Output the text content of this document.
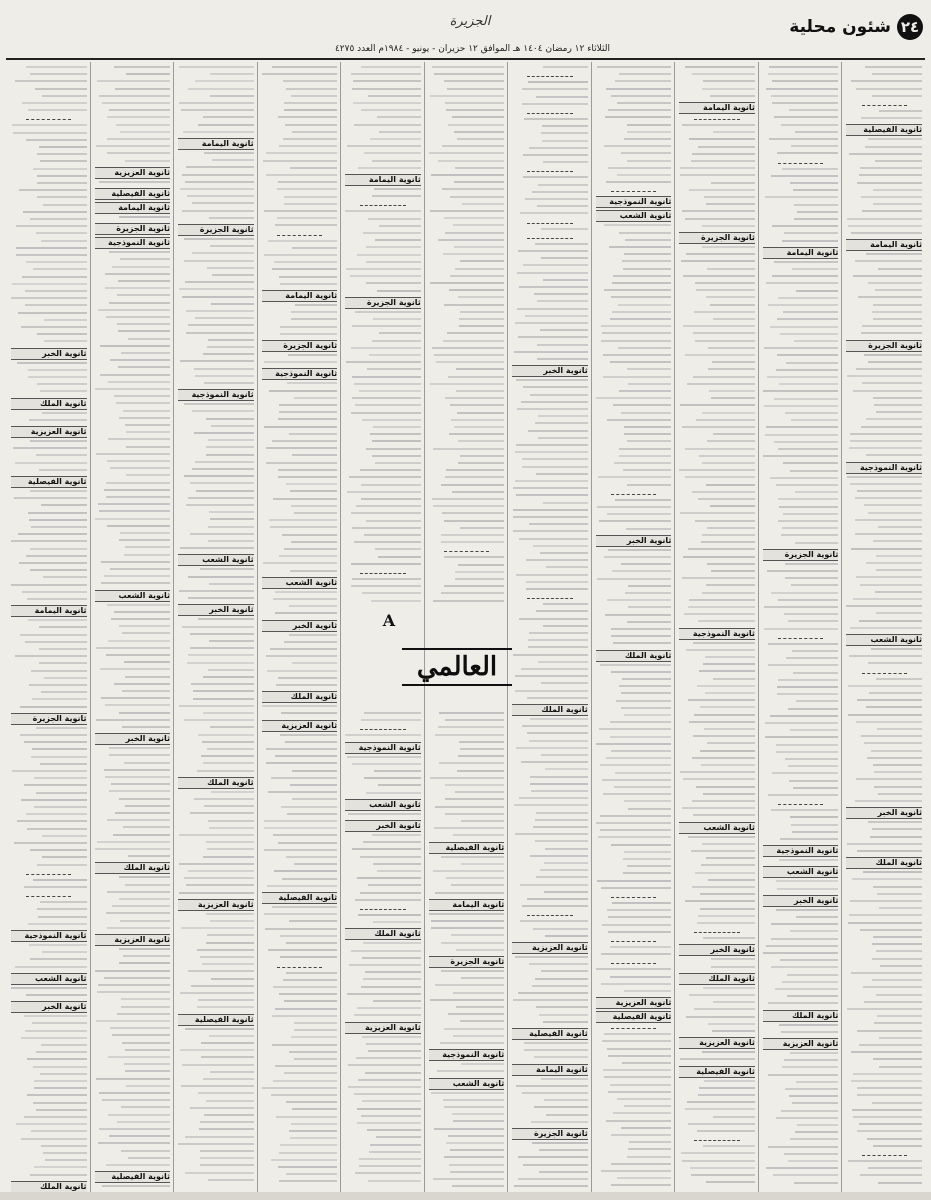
٢٤
شئون محلية
الجزيرة
الثلاثاء ١٢ رمضان ١٤٠٤ هـ الموافق ١٢ حزيران - يونيو - ١٩٨٤م العدد ٤٢٧٥
ثانوية الخبر
ثانوية الملك
ثانوية العزيزية
ثانوية الفيصلية
ثانوية اليمامة
ثانوية الجزيرة
ثانوية النموذجية
ثانوية الشعب
ثانوية الخبر
ثانوية الملك
ثانوية العزيزية
ثانوية الفيصلية
ثانوية اليمامة
ثانوية الجزيرة
ثانوية النموذجية
ثانوية الشعب
ثانوية الخبر
ثانوية الملك
ثانوية العزيزية
ثانوية الفيصلية
ثانوية اليمامة
ثانوية الجزيرة
ثانوية النموذجية
ثانوية الشعب
ثانوية الخبر
ثانوية الملك
ثانوية العزيزية
ثانوية الفيصلية
ثانوية اليمامة
ثانوية الجزيرة
ثانوية النموذجية
ثانوية الشعب
ثانوية الخبر
ثانوية الملك
ثانوية العزيزية
ثانوية الفيصلية
ثانوية اليمامة
ثانوية الجزيرة
ثانوية النموذجية
ثانوية الشعب
ثانوية الخبر
ثانوية الملك
ثانوية العزيزية
ثانوية الفيصلية
ثانوية اليمامة
ثانوية الجزيرة
ثانوية النموذجية
ثانوية الشعب
ثانوية الخبر
ثانوية الملك
ثانوية العزيزية
ثانوية الفيصلية
ثانوية اليمامة
ثانوية الجزيرة
ثانوية النموذجية
ثانوية الشعب
ثانوية الخبر
ثانوية الملك
ثانوية العزيزية
ثانوية الفيصلية
ثانوية اليمامة
ثانوية الجزيرة
ثانوية النموذجية
ثانوية الشعب
ثانوية الخبر
ثانوية الملك
ثانوية العزيزية
ثانوية الفيصلية
ثانوية اليمامة
ثانوية الجزيرة
ثانوية النموذجية
ثانوية الشعب
ثانوية الخبر
ثانوية الملك
ثانوية العزيزية
ثانوية الفيصلية
ثانوية اليمامة
ثانوية الجزيرة
ثانوية النموذجية
ثانوية الشعب
ثانوية الخبر
ثانوية الملك
A
العالمي
